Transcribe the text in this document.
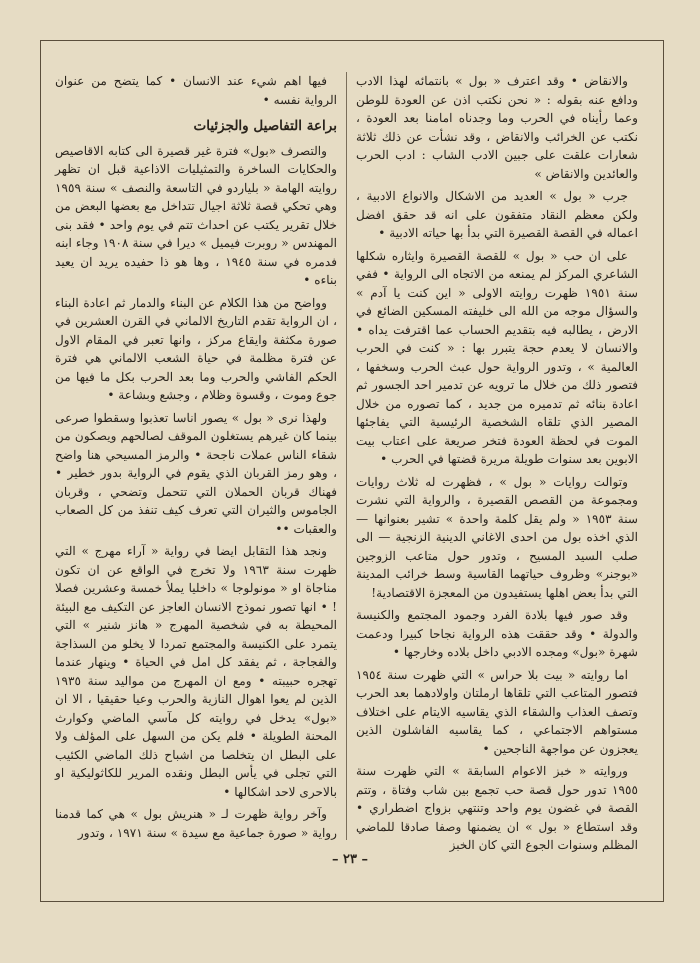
والانقاض • وقد اعترف « بول » بانتمائه لهذا الادب ودافع عنه بقوله : « نحن نكتب اذن عن العودة للوطن وعما رأيناه في الحرب وما وجدناه امامنا بعد العودة ، نكتب عن الخرائب والانقاض ، وقد نشأت عن ذلك ثلاثة شعارات علقت على جبين الادب الشاب : ادب الحرب والعائدين والانقاض »

جرب « بول » العديد من الاشكال والانواع الادبية ، ولكن معظم النقاد متفقون على انه قد حقق افضل اعماله في القصة القصيرة التي بدأ بها حياته الادبية •

على ان حب « بول » للقصة القصيرة وايثاره شكلها الشاعري المركز لم يمنعه من الاتجاه الى الرواية • ففي سنة ١٩٥١ ظهرت روايته الاولى « اين كنت يا آدم » والسؤال موجه من الله الى خليفته المسكين الضائع في الارض ، يطالبه فيه بتقديم الحساب عما اقترفت يداه • والانسان لا يعدم حجة يتبرر بها : « كنت في الحرب العالمية » ، وتدور الرواية حول عبث الحرب وسخفها ، فتصور ذلك من خلال ما ترويه عن تدمير احد الجسور ثم اعادة بنائه ثم تدميره من جديد ، كما تصوره من خلال المصير الذي تلقاه الشخصية الرئيسية التي يفاجئها الموت في لحظة العودة فتخر صريعة على اعتاب بيت الابوين بعد سنوات طويلة مريرة قضتها في الحرب •

وتوالت روايات « بول » ، فظهرت له ثلاث روايات ومجموعة من القصص القصيرة ، والرواية التي نشرت سنة ١٩٥٣ « ولم يقل كلمة واحدة » تشير بعنوانها — الذي اخذه بول من احدى الاغاني الدينية الزنجية — الى صلب السيد المسيح ، وتدور حول متاعب الزوجين «بوجنر» وظروف حياتهما القاسية وسط خرائب المدينة التي بدأ بعض اهلها يستفيدون من المعجزة الاقتصادية!

وقد صور فيها بلادة الفرد وجمود المجتمع والكنيسة والدولة • وقد حققت هذه الرواية نجاحا كبيرا ودعمت شهرة «بول» ومجده الادبي داخل بلاده وخارجها •

اما روايته « بيت بلا حراس » التي ظهرت سنة ١٩٥٤ فتصور المتاعب التي تلقاها ارملتان واولادهما بعد الحرب وتصف العذاب والشقاء الذي يقاسيه الايتام على اختلاف مستواهم الاجتماعي ، كما يقاسيه الفاشلون الذين يعجزون عن مواجهة الناجحين •

وروايته « خبز الاعوام السابقة » التي ظهرت سنة ١٩٥٥ تدور حول قصة حب تجمع بين شاب وفتاة ، وتتم القصة في غضون يوم واحد وتنتهي بزواج اضطراري • وقد استطاع « بول » ان يضمنها وصفا صادقا للماضي المظلم وسنوات الجوع التي كان الخبز

فيها اهم شيء عند الانسان • كما يتضح من عنوان الرواية نفسه •

براعة التفاصيل والجزئيات

والتصرف «بول» فترة غير قصيرة الى كتابه الاقاصيص والحكايات الساخرة والتمثيليات الاذاعية قبل ان تظهر روايته الهامة « بلياردو في التاسعة والنصف » سنة ١٩٥٩ وهي تحكي قصة ثلاثة اجيال تتداخل مع بعضها البعض من خلال تقرير يكتب عن احداث تتم في يوم واحد • فقد بنى المهندس « روبرت فيميل » ديرا في سنة ١٩٠٨ وجاء ابنه فدمره في سنة ١٩٤٥ ، وها هو ذا حفيده يريد ان يعيد بناءه •

وواضح من هذا الكلام عن البناء والدمار ثم اعادة البناء ، ان الرواية تقدم التاريخ الالماني في القرن العشرين في صورة مكثفة وايقاع مركز ، وانها تعبر في المقام الاول عن فترة مظلمة في حياة الشعب الالماني هي فترة الحكم الفاشي والحرب وما بعد الحرب بكل ما فيها من جوع وموت ، وقسوة وظلام ، وجشع وبشاعة •

ولهذا نرى « بول » يصور اناسا تعذبوا وسقطوا صرعى بينما كان غيرهم يستغلون الموقف لصالحهم ويصكون من شقاء الناس عملات ناجحة • والرمز المسيحي هنا واضح ، وهو رمز القربان الذي يقوم في الرواية بدور خطير • فهناك قربان الحملان التي تتحمل وتضحي ، وقربان الجاموس والثيران التي تعرف كيف تنفذ من كل الصعاب والعقبات ••

ونجد هذا التقابل ايضا في رواية « آراء مهرج » التي ظهرت سنة ١٩٦٣ ولا تخرج في الواقع عن ان تكون مناجاة او « مونولوجا » داخليا يملأ خمسة وعشرين فصلا ! • انها تصور نموذج الانسان العاجز عن التكيف مع البيئة المحيطة به في شخصية المهرج « هانز شنير » التي يتمرد على الكنيسة والمجتمع تمردا لا يخلو من السذاجة والفجاجة ، ثم يفقد كل امل في الحياة • وينهار عندما تهجره حبيبته • ومع ان المهرج من مواليد سنة ١٩٣٥ الذين لم يعوا اهوال النازية والحرب وعيا حقيقيا ، الا ان «بول» يدخل في روايته كل مآسي الماضي وكوارث المحنة الطويلة • فلم يكن من السهل على المؤلف ولا على البطل ان يتخلصا من اشباح ذلك الماضي الكئيب التي تجلى في يأس البطل ونقده المرير للكاثوليكية او بالاحرى لاحد اشكالها •

وآخر رواية ظهرت لـ « هنريش بول » هي كما قدمنا رواية « صورة جماعية مع سيدة » سنة ١٩٧١ ، وتدور

– ٢٣ –
